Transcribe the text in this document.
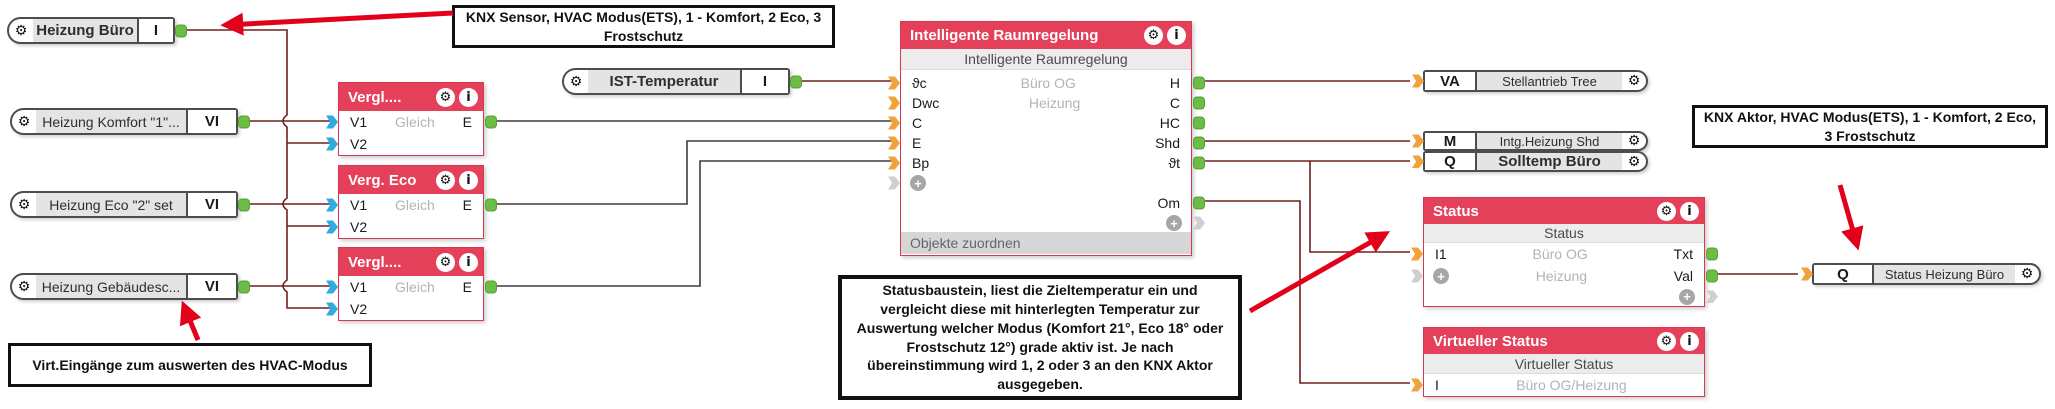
⚙ Heizung Büro	I
⚙ Heizung Komfort "1"...	VI
⚙	Heizung Eco "2" set	VI
⚙ Heizung Gebäudesc...	VI
⚙	IST-Temperatur	I
Vergl....	⚙	i
V1	Gleich	E
V2
Verg. Eco	⚙	i
V1	Gleich	E
V2
Vergl....	⚙	i
V1	Gleich	E
V2
Intelligente Raumregelung	⚙	i
Intelligente Raumregelung
ϑc	Büro OG	H
Dwc	Heizung	C
C	HC
E	Shd
Bp	ϑt
+
Om
+
Objekte zuordnen
VA	Stellantrieb Tree	⚙
M	Intg.Heizung Shd	⚙
Q	Solltemp Büro	⚙
Q	Status Heizung Büro	⚙
Status	⚙	i
Status
I1	Büro OG	Txt
+	Heizung	Val
+
Virtueller Status	⚙	i
Virtueller Status
I	Büro OG/Heizung
KNX Sensor, HVAC Modus(ETS), 1 - Komfort, 2 Eco, 3 Frostschutz
KNX Aktor, HVAC Modus(ETS), 1 - Komfort, 2 Eco, 3 Frostschutz
Statusbaustein, liest die Zieltemperatur ein und vergleicht diese mit hinterlegten Temperatur zur Auswertung welcher Modus (Komfort 21°, Eco 18° oder Frostschutz 12°) grade aktiv ist. Je nach übereinstimmung wird 1, 2 oder 3 an den KNX Aktor ausgegeben.
Virt.Eingänge zum auswerten des HVAC-Modus
